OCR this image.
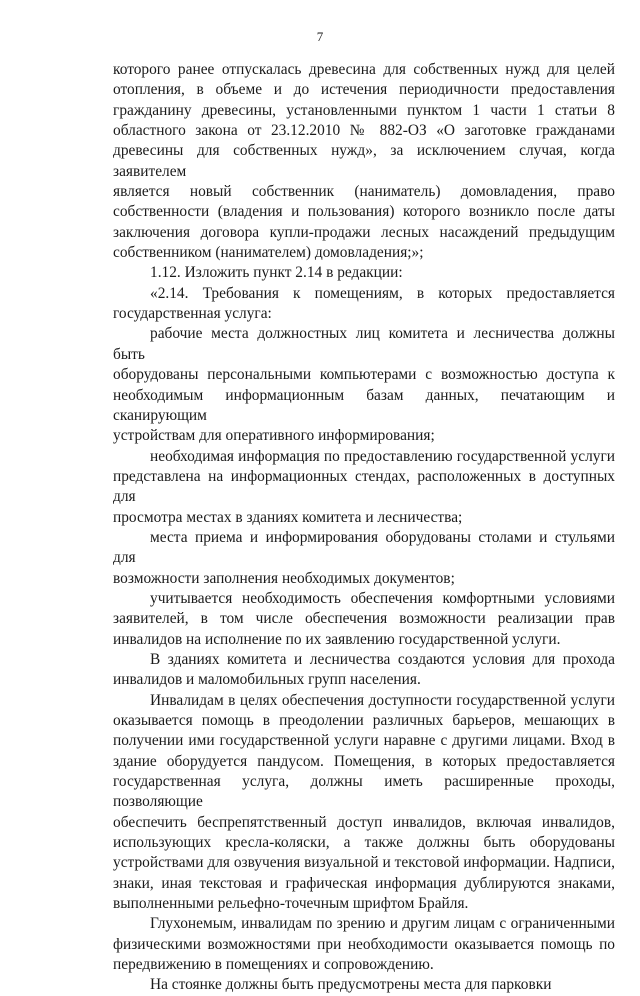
7

которого ранее отпускалась древесина для собственных нужд для целей
отопления, в объеме и до истечения периодичности предоставления
гражданину древесины, установленными пунктом 1 части 1 статьи 8
областного закона от 23.12.2010 № 882-ОЗ «О заготовке гражданами
древесины для собственных нужд», за исключением случая, когда заявителем
является новый собственник (наниматель) домовладения, право
собственности (владения и пользования) которого возникло после даты
заключения договора купли-продажи лесных насаждений предыдущим
собственником (нанимателем) домовладения;»;

1.12. Изложить пункт 2.14 в редакции:

«2.14. Требования к помещениям, в которых предоставляется
государственная услуга:

рабочие места должностных лиц комитета и лесничества должны быть
оборудованы персональными компьютерами с возможностью доступа к
необходимым информационным базам данных, печатающим и сканирующим
устройствам для оперативного информирования;

необходимая информация по предоставлению государственной услуги
представлена на информационных стендах, расположенных в доступных для
просмотра местах в зданиях комитета и лесничества;

места приема и информирования оборудованы столами и стульями для
возможности заполнения необходимых документов;

учитывается необходимость обеспечения комфортными условиями
заявителей, в том числе обеспечения возможности реализации прав
инвалидов на исполнение по их заявлению государственной услуги.

В зданиях комитета и лесничества создаются условия для прохода
инвалидов и маломобильных групп населения.

Инвалидам в целях обеспечения доступности государственной услуги
оказывается помощь в преодолении различных барьеров, мешающих в
получении ими государственной услуги наравне с другими лицами. Вход в
здание оборудуется пандусом. Помещения, в которых предоставляется
государственная услуга, должны иметь расширенные проходы, позволяющие
обеспечить беспрепятственный доступ инвалидов, включая инвалидов,
использующих кресла-коляски, а также должны быть оборудованы
устройствами для озвучения визуальной и текстовой информации. Надписи,
знаки, иная текстовая и графическая информация дублируются знаками,
выполненными рельефно-точечным шрифтом Брайля.

Глухонемым, инвалидам по зрению и другим лицам с ограниченными
физическими возможностями при необходимости оказывается помощь по
передвижению в помещениях и сопровождению.

На стоянке должны быть предусмотрены места для парковки
